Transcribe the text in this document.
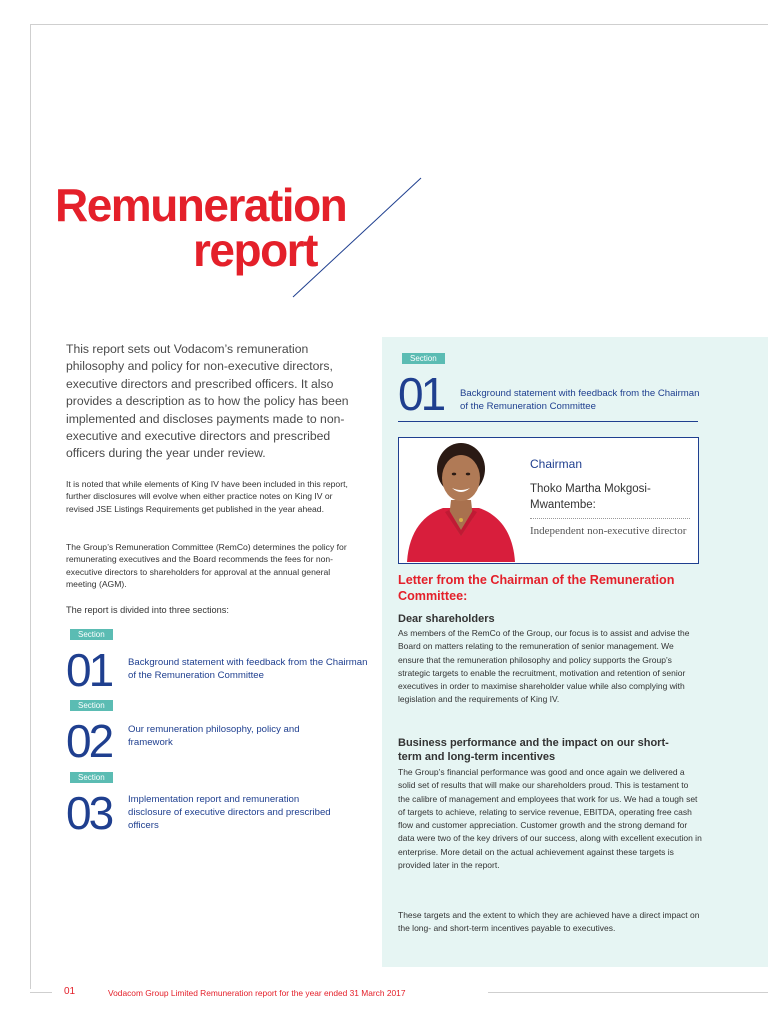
Remuneration
report

This report sets out Vodacom’s remuneration philosophy and policy for non-executive directors, executive directors and prescribed officers. It also provides a description as to how the policy has been implemented and discloses payments made to non-executive and executive directors and prescribed officers during the year under review.

It is noted that while elements of King IV have been included in this report, further disclosures will evolve when either practice notes on King IV or revised JSE Listings Requirements get published in the year ahead.

The Group’s Remuneration Committee (RemCo) determines the policy for remunerating executives and the Board recommends the fees for non-executive directors to shareholders for approval at the annual general meeting (AGM).

The report is divided into three sections:

Section

01 Background statement with feedback from the Chairman of the Remuneration Committee

Section

02 Our remuneration philosophy, policy and framework

Section

03 Implementation report and remuneration disclosure of executive directors and prescribed officers

Section

01 Background statement with feedback from the Chairman of the Remuneration Committee

Chairman

Thoko Martha Mokgosi-Mwantembe:

Independent non-executive director

Letter from the Chairman of the Remuneration Committee:

Dear shareholders

As members of the RemCo of the Group, our focus is to assist and advise the Board on matters relating to the remuneration of senior management. We ensure that the remuneration philosophy and policy supports the Group’s strategic targets to enable the recruitment, motivation and retention of senior executives in order to maximise shareholder value while also complying with legislation and the requirements of King IV.

Business performance and the impact on our short-term and long-term incentives

The Group’s financial performance was good and once again we delivered a solid set of results that will make our shareholders proud. This is testament to the calibre of management and employees that work for us. We had a tough set of targets to achieve, relating to service revenue, EBITDA, operating free cash flow and customer appreciation. Customer growth and the strong demand for data were two of the key drivers of our success, along with excellent execution in enterprise. More detail on the actual achievement against these targets is provided later in the report.

These targets and the extent to which they are achieved have a direct impact on the long- and short-term incentives payable to executives.

01	Vodacom Group Limited Remuneration report for the year ended 31 March 2017
